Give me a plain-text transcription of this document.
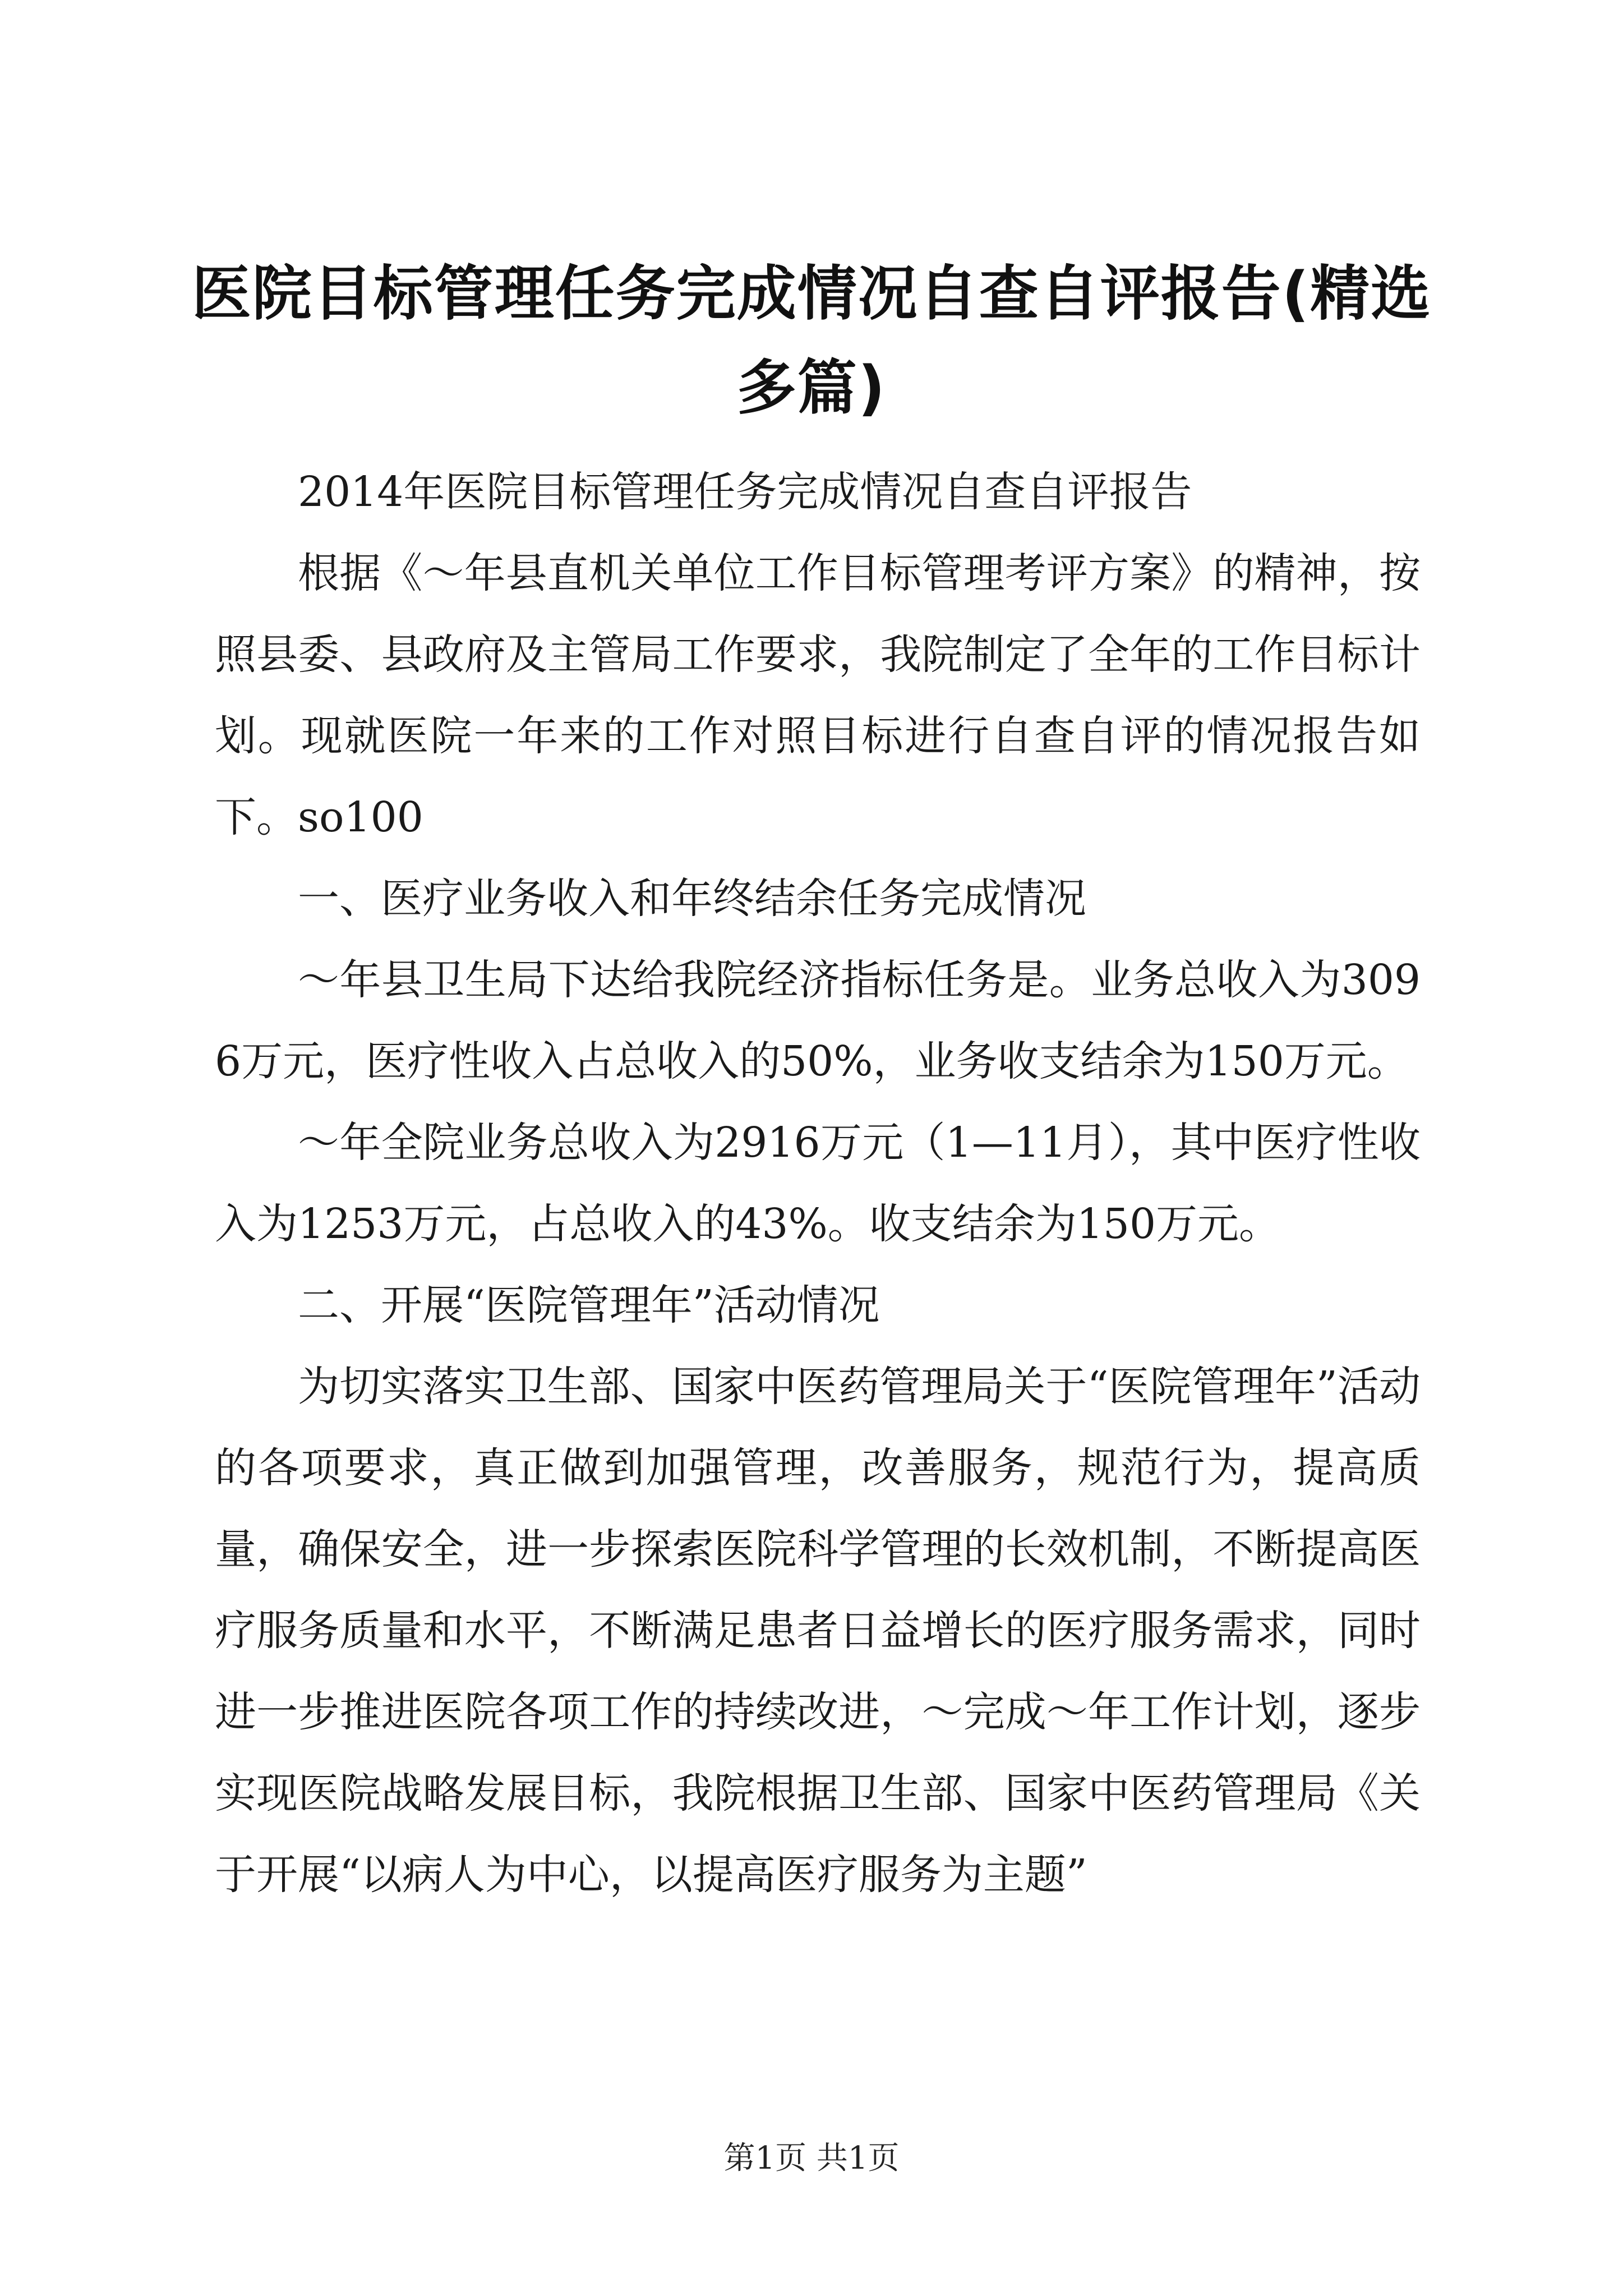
医院目标管理任务完成情况自查自评报告(精选多篇)

2014年医院目标管理任务完成情况自查自评报告

根据《～年县直机关单位工作目标管理考评方案》的精神，按照县委、县政府及主管局工作要求，我院制定了全年的工作目标计划。现就医院一年来的工作对照目标进行自查自评的情况报告如下。so100

一、医疗业务收入和年终结余任务完成情况

～年县卫生局下达给我院经济指标任务是。业务总收入为3096万元，医疗性收入占总收入的50%，业务收支结余为150万元。

～年全院业务总收入为2916万元（1—11月），其中医疗性收入为1253万元，占总收入的43%。收支结余为150万元。

二、开展“医院管理年”活动情况

为切实落实卫生部、国家中医药管理局关于“医院管理年”活动的各项要求，真正做到加强管理，改善服务，规范行为，提高质量，确保安全，进一步探索医院科学管理的长效机制，不断提高医疗服务质量和水平，不断满足患者日益增长的医疗服务需求，同时进一步推进医院各项工作的持续改进，～完成～年工作计划，逐步实现医院战略发展目标，我院根据卫生部、国家中医药管理局《关于开展“以病人为中心，以提高医疗服务为主题”

第1页 共1页
